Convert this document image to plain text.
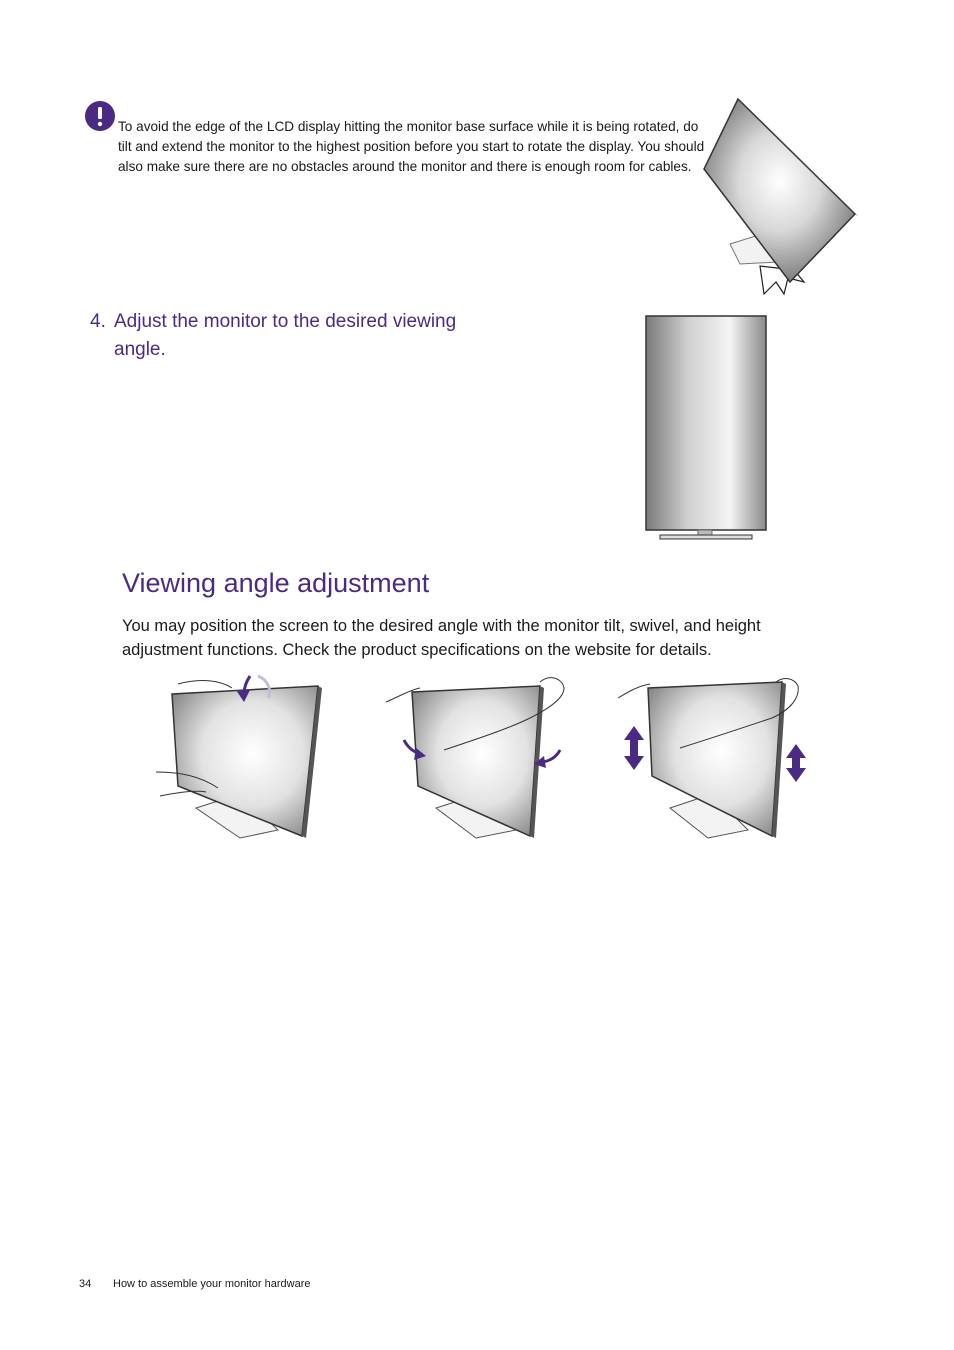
To avoid the edge of the LCD display hitting the monitor base surface while it is being rotated, do tilt and extend the monitor to the highest position before you start to rotate the display. You should also make sure there are no obstacles around the monitor and there is enough room for cables.
4. Adjust the monitor to the desired viewing
angle.
Viewing angle adjustment
You may position the screen to the desired angle with the monitor tilt, swivel, and height adjustment functions. Check the product specifications on the website for details.
34 How to assemble your monitor hardware
